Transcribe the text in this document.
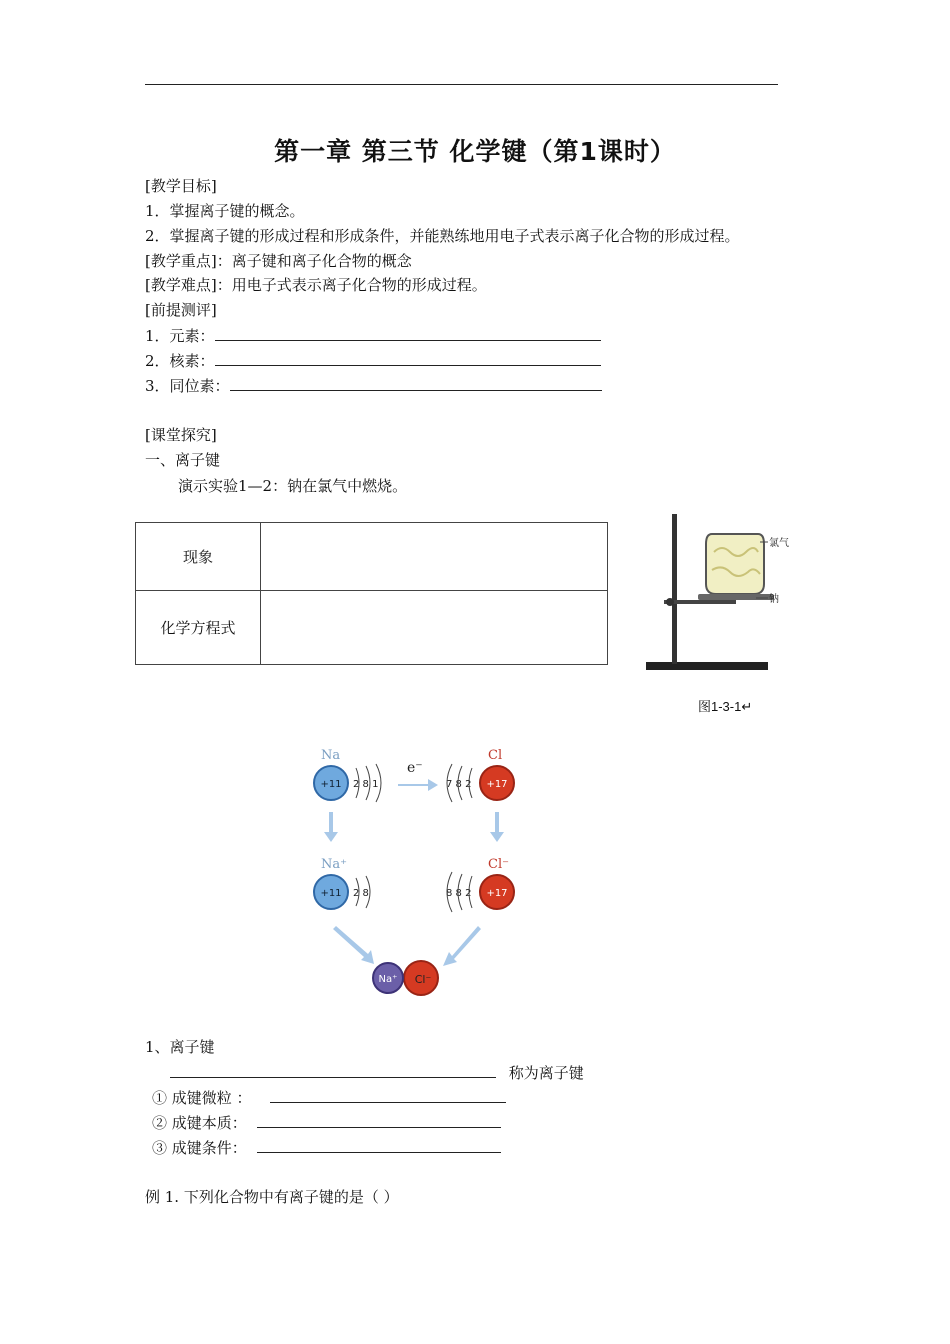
第一章 第三节 化学键（第1课时）
[教学目标]
1．掌握离子键的概念。
2．掌握离子键的形成过程和形成条件，并能熟练地用电子式表示离子化合物的形成过程。
[教学重点]：离子键和离子化合物的概念
[教学难点]：用电子式表示离子化合物的形成过程。
[前提测评]
1．元素：
2．核素：
3．同位素：
[课堂探究]
一、离子键
演示实验1—2：钠在氯气中燃烧。
现象	
化学方程式	
氯气
钠
图1-3-1↵
Na
+11 2 8 1
e⁻
Cl
+17
7 8 2
Na⁺
+11 2 8
Cl⁻
+17
8 8 2
Cl⁻
Na⁺
1、离子键
称为离子键
① 成键微粒 ：
② 成键本质：
③ 成键条件：
例 1. 下列化合物中有离子键的是（ ）
